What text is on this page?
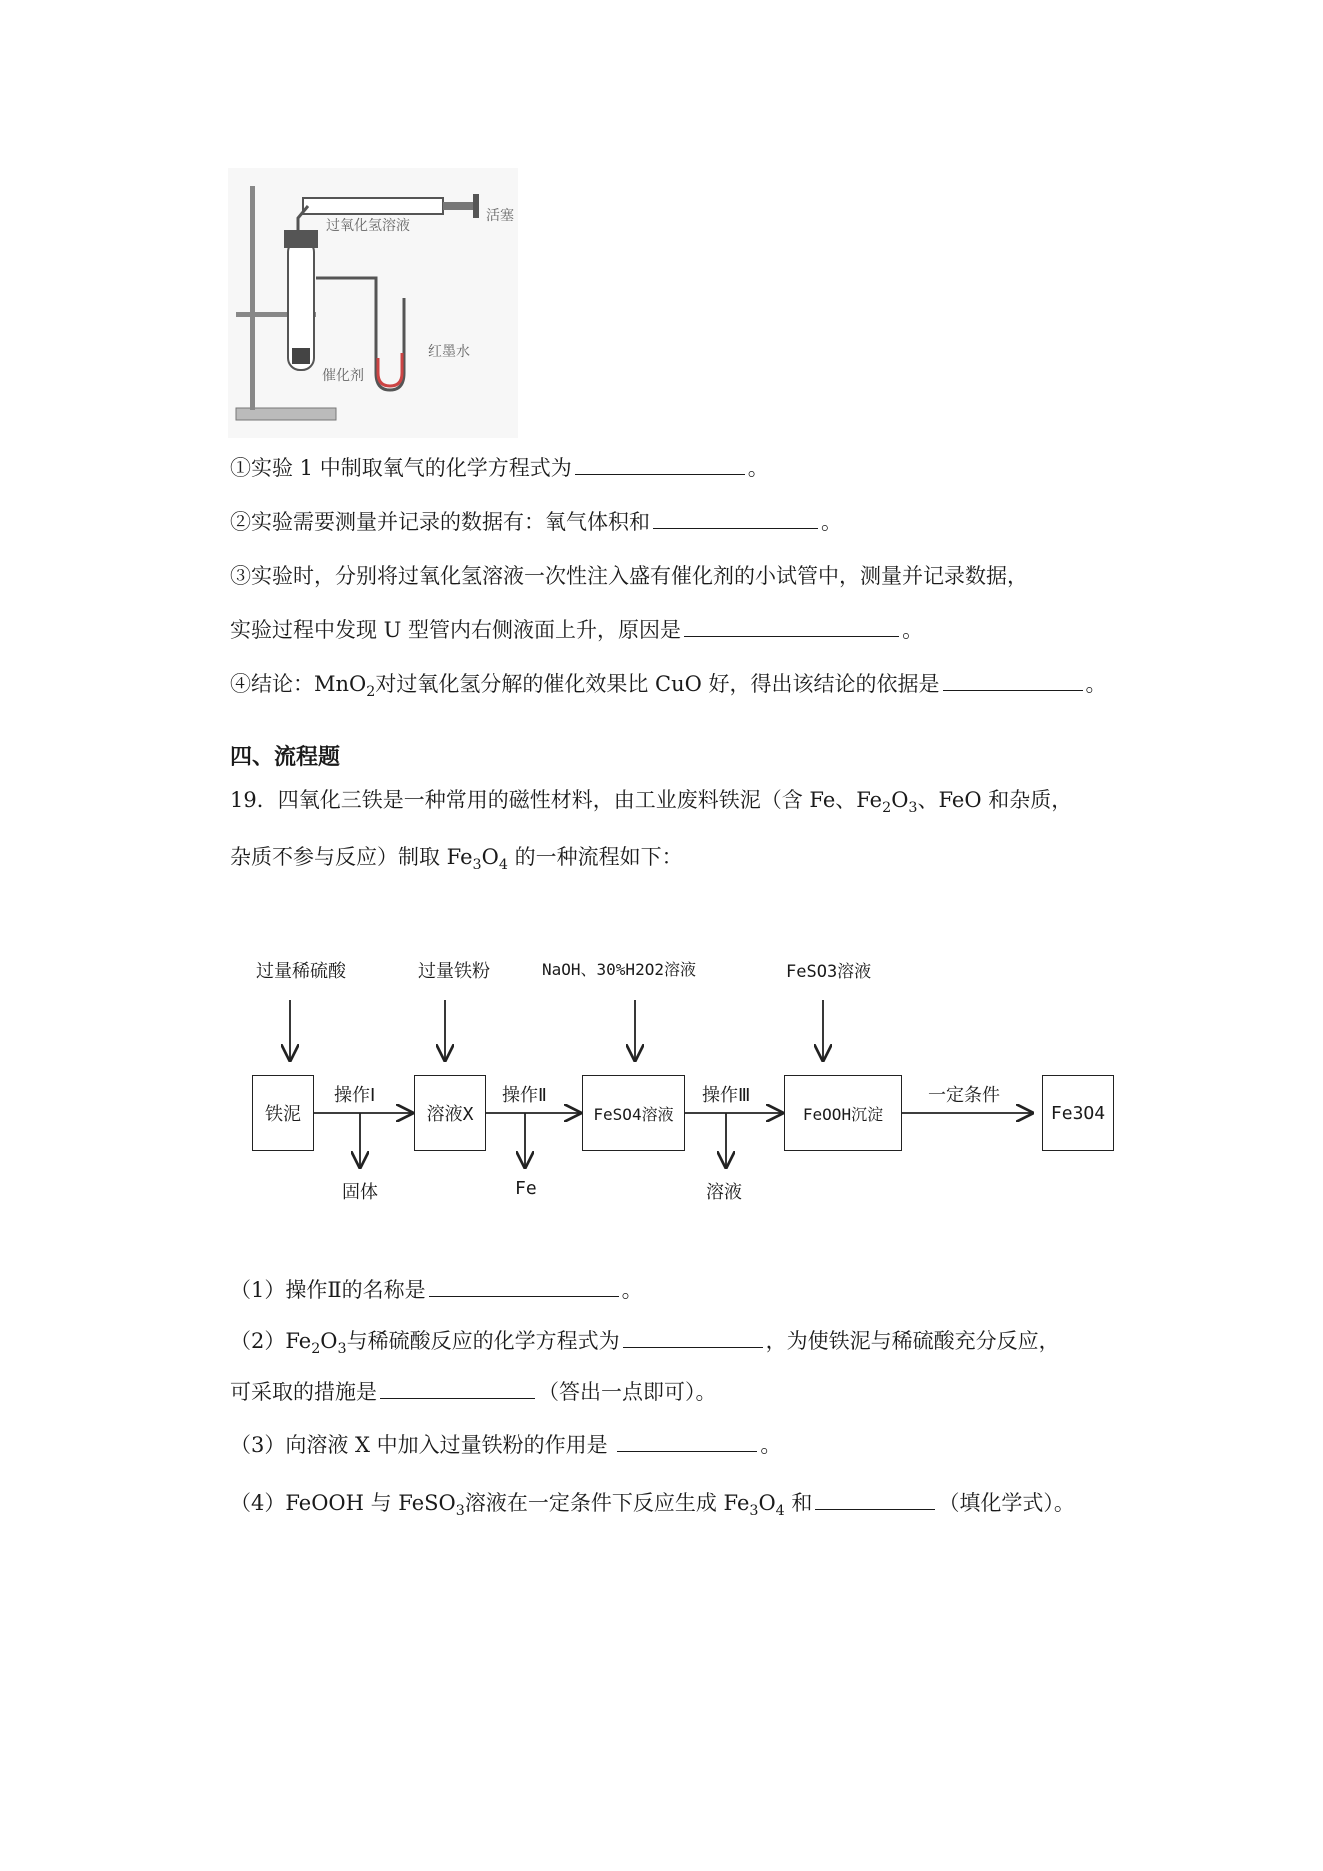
过氧化氢溶液
活塞
红墨水
催化剂
①实验 1 中制取氧气的化学方程式为	。
②实验需要测量并记录的数据有：氧气体积和	。
③实验时，分别将过氧化氢溶液一次性注入盛有催化剂的小试管中，测量并记录数据，
实验过程中发现 U 型管内右侧液面上升，原因是	。
④结论：MnO$_2$对过氧化氢分解的催化效果比 CuO 好，得出该结论的依据是	。
四、流程题
19．四氧化三铁是一种常用的磁性材料，由工业废料铁泥（含 Fe、$Fe_2O_3$、FeO 和杂质，
杂质不参与反应）制取 $Fe_3O_4$ 的一种流程如下：
过量稀硫酸	过量铁粉	NaOH、30%H2O2溶液	FeSO3溶液
铁泥	溶液X	FeSO4溶液	FeOOH沉淀	Fe3O4
操作Ⅰ	操作Ⅱ	操作Ⅲ	一定条件
固体	Fe	溶液
（1）操作Ⅱ的名称是	。
$(2)Fe_2O_3$与稀硫酸反应的化学方程式为	，为使铁泥与稀硫酸充分反应，
可采取的措施是	（答出一点即可）。
（3）向溶液 X 中加入过量铁粉的作用是	。
（4）FeOOH 与 FeSO$_3$溶液在一定条件下反应生成 $Fe_3O_4$ 和	（填化学式）。
